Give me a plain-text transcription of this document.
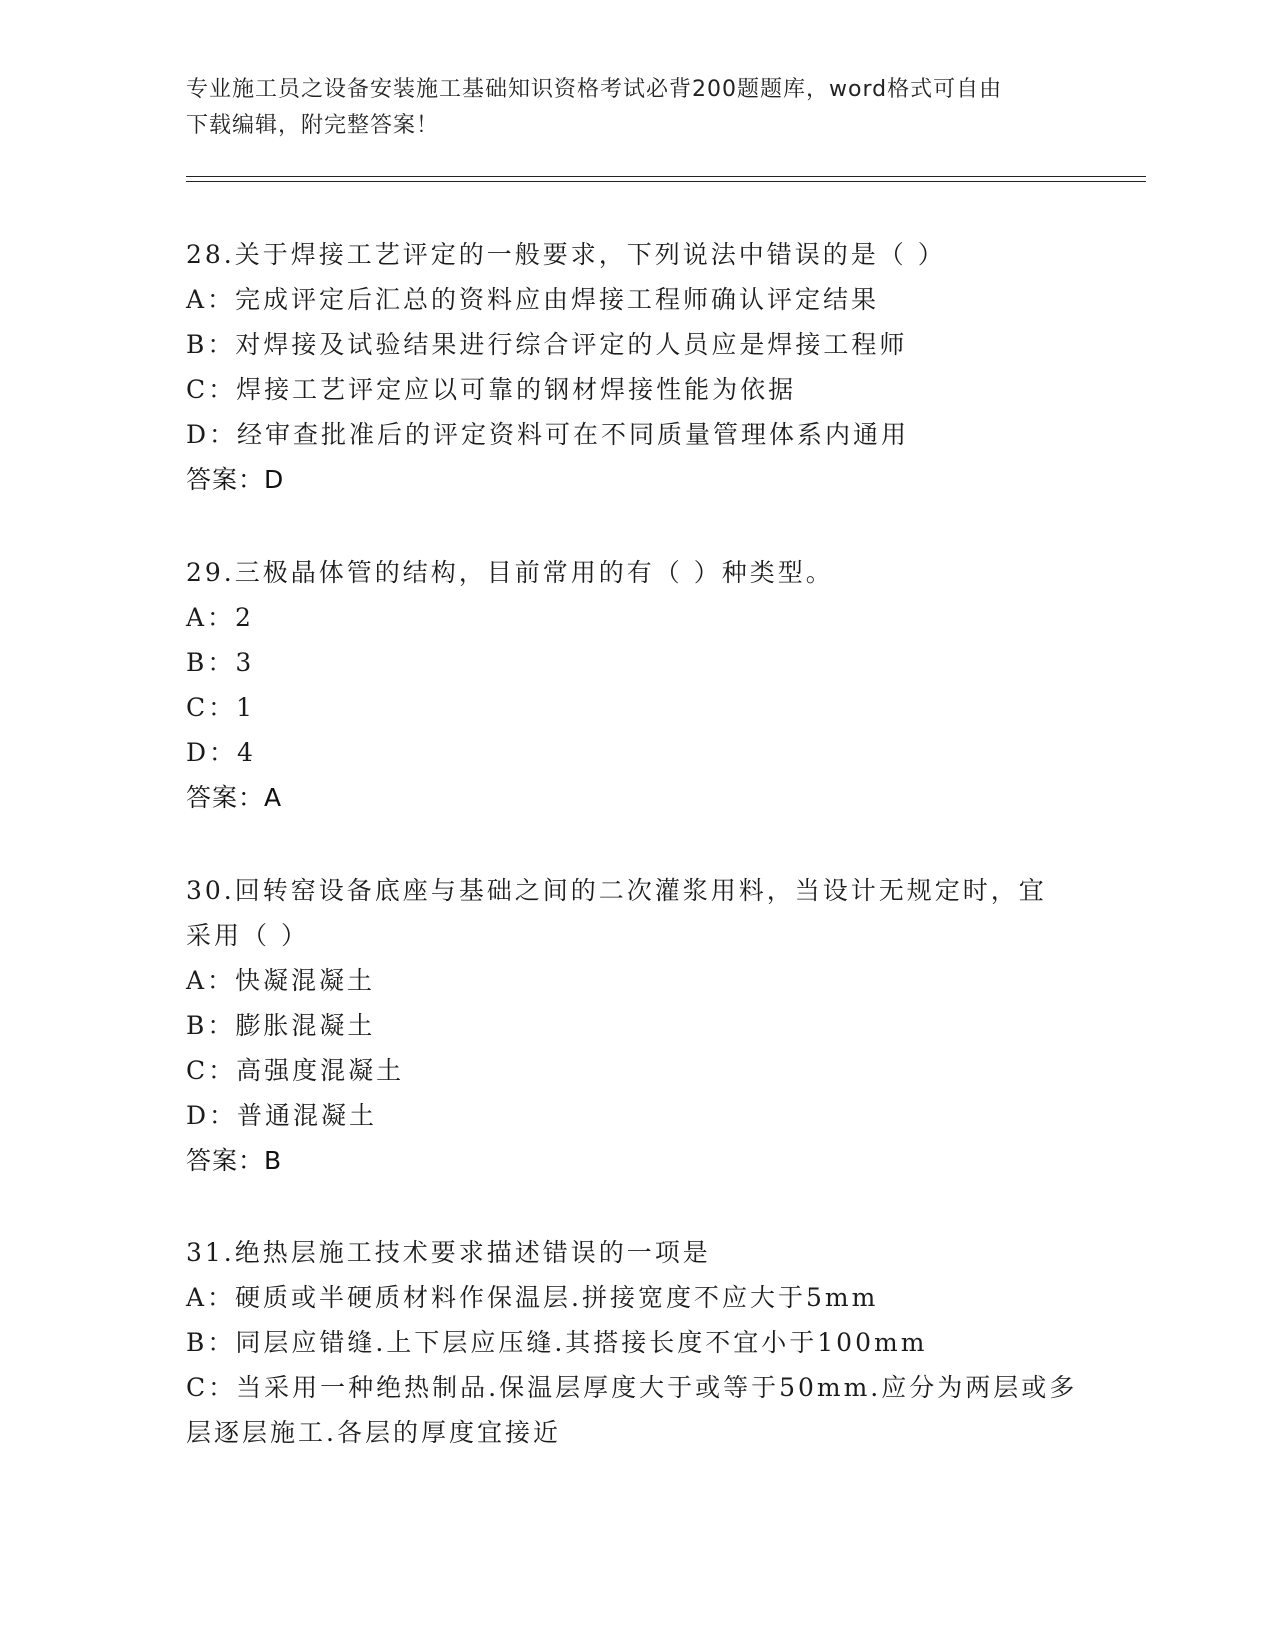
专业施工员之设备安装施工基础知识资格考试必背200题题库，word格式可自由
下载编辑，附完整答案！
28.关于焊接工艺评定的一般要求，下列说法中错误的是（ ）
A：完成评定后汇总的资料应由焊接工程师确认评定结果
B：对焊接及试验结果进行综合评定的人员应是焊接工程师
C：焊接工艺评定应以可靠的钢材焊接性能为依据
D：经审查批准后的评定资料可在不同质量管理体系内通用
答案：D
29.三极晶体管的结构，目前常用的有（ ）种类型。
A：2
B：3
C：1
D：4
答案：A
30.回转窑设备底座与基础之间的二次灌浆用料，当设计无规定时，宜
采用（ ）
A：快凝混凝土
B：膨胀混凝土
C：高强度混凝土
D：普通混凝土
答案：B
31.绝热层施工技术要求描述错误的一项是
A：硬质或半硬质材料作保温层.拼接宽度不应大于5mm
B：同层应错缝.上下层应压缝.其搭接长度不宜小于100mm
C：当采用一种绝热制品.保温层厚度大于或等于50mm.应分为两层或多
层逐层施工.各层的厚度宜接近
